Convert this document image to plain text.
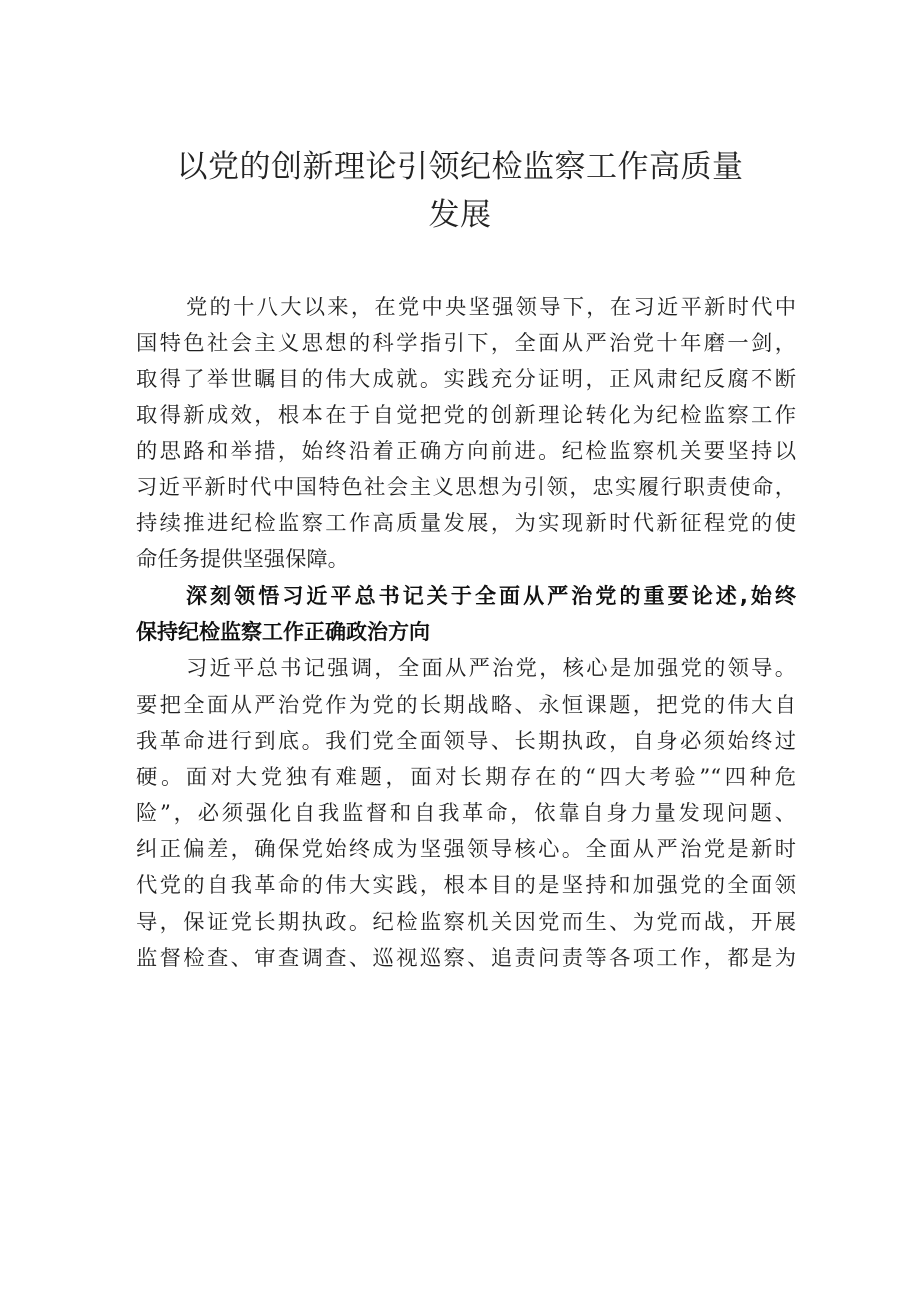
以党的创新理论引领纪检监察工作高质量
发展
党的十八大以来，在党中央坚强领导下，在习近平新时代中
国特色社会主义思想的科学指引下，全面从严治党十年磨一剑，
取得了举世瞩目的伟大成就。实践充分证明，正风肃纪反腐不断
取得新成效，根本在于自觉把党的创新理论转化为纪检监察工作
的思路和举措，始终沿着正确方向前进。纪检监察机关要坚持以
习近平新时代中国特色社会主义思想为引领，忠实履行职责使命，
持续推进纪检监察工作高质量发展，为实现新时代新征程党的使
命任务提供坚强保障。
深刻领悟习近平总书记关于全面从严治党的重要论述,始终
保持纪检监察工作正确政治方向
习近平总书记强调，全面从严治党，核心是加强党的领导。
要把全面从严治党作为党的长期战略、永恒课题，把党的伟大自
我革命进行到底。我们党全面领导、长期执政，自身必须始终过
硬。面对大党独有难题，面对长期存在的“四大考验”“四种危
险”，必须强化自我监督和自我革命，依靠自身力量发现问题、
纠正偏差，确保党始终成为坚强领导核心。全面从严治党是新时
代党的自我革命的伟大实践，根本目的是坚持和加强党的全面领
导，保证党长期执政。纪检监察机关因党而生、为党而战，开展
监督检查、审查调查、巡视巡察、追责问责等各项工作，都是为
